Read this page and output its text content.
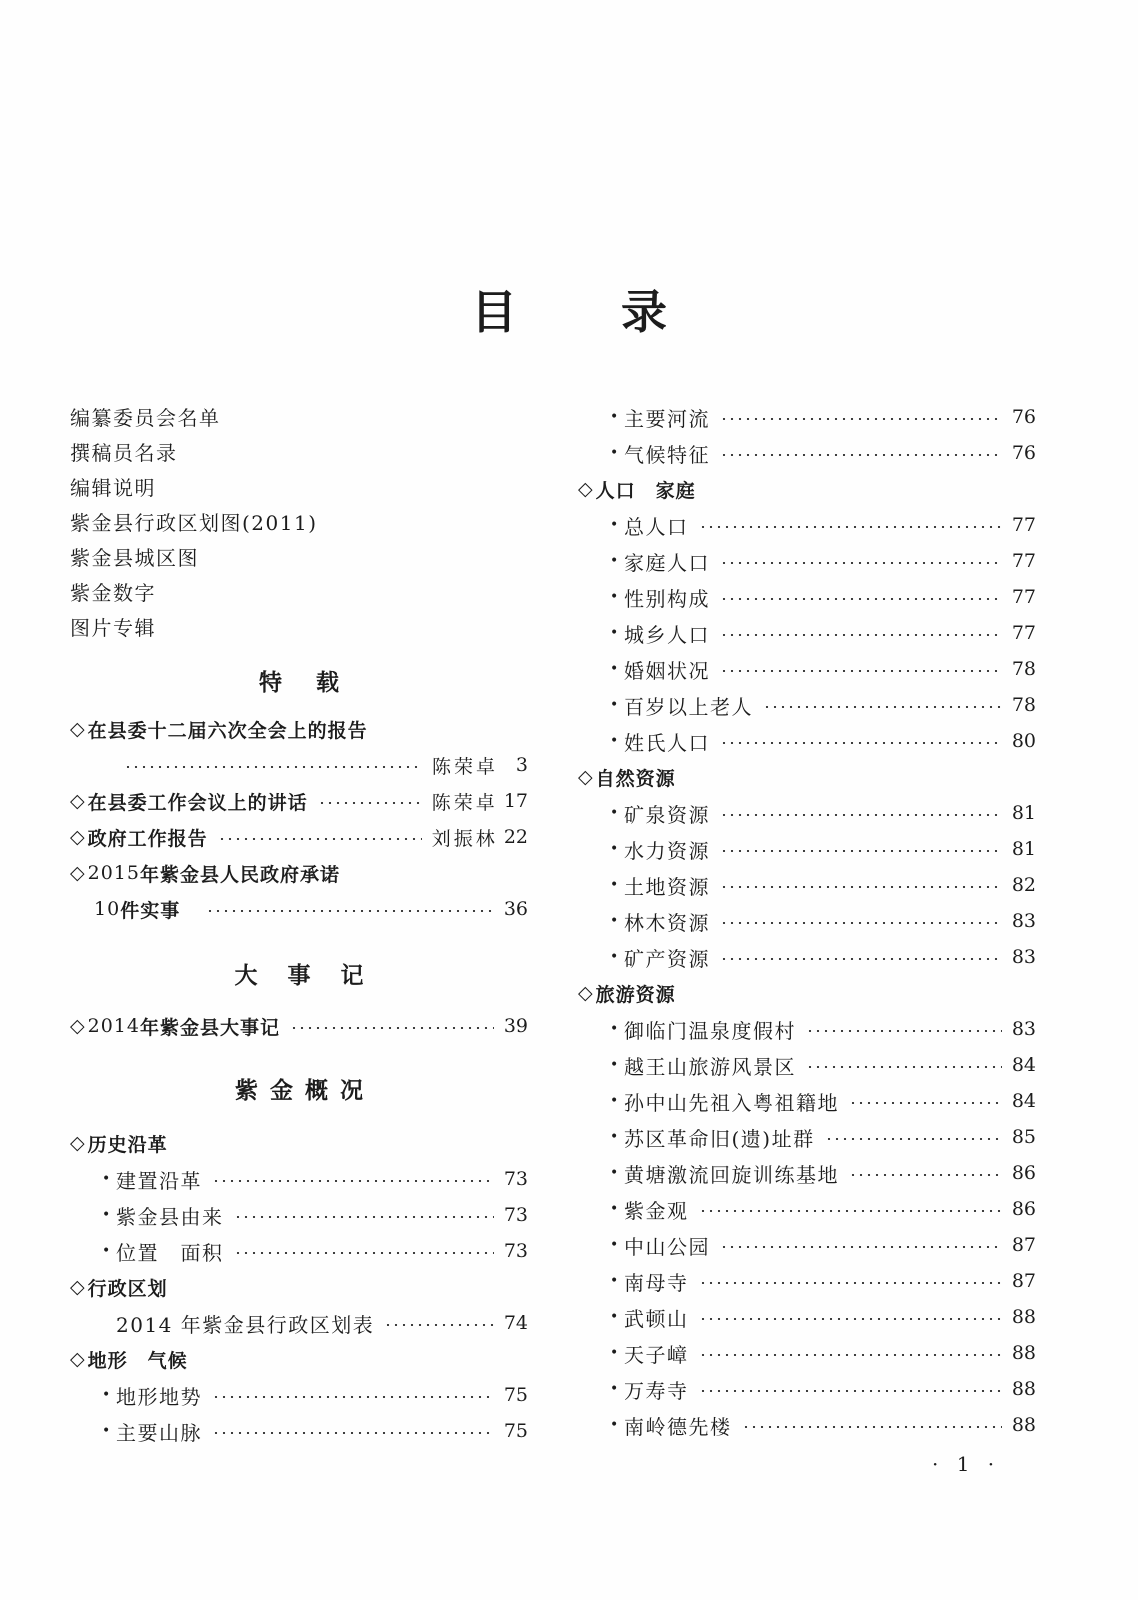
目录
编纂委员会名单
撰稿员名录
编辑说明
紫金县行政区划图(2011)
紫金县城区图
紫金数字
图片专辑
特载
◇ 在县委十二届六次全会上的报告
陈荣卓 3
◇ 在县委工作会议上的讲话	陈荣卓 17
◇ 政府工作报告	刘振林 22
◇ 2015 年紫金县人民政府承诺
10 件实事	36
大事记
◇ 2014 年紫金县大事记	39
紫金概况
◇ 历史沿革
• 建置沿革	73
• 紫金县由来	73
• 位置　面积	73
◇ 行政区划
2014 年紫金县行政区划表	74
◇ 地形　气候
• 地形地势	75
• 主要山脉	75
• 主要河流	76
• 气候特征	76
◇ 人口　家庭
• 总人口	77
• 家庭人口	77
• 性别构成	77
• 城乡人口	77
• 婚姻状况	78
• 百岁以上老人	78
• 姓氏人口	80
◇ 自然资源
• 矿泉资源	81
• 水力资源	81
• 土地资源	82
• 林木资源	83
• 矿产资源	83
◇ 旅游资源
• 御临门温泉度假村	83
• 越王山旅游风景区	84
• 孙中山先祖入粤祖籍地	84
• 苏区革命旧(遗)址群	85
• 黄塘激流回旋训练基地	86
• 紫金观	86
• 中山公园	87
• 南母寺	87
• 武顿山	88
• 天子嶂	88
• 万寿寺	88
• 南岭德先楼	88
· 1 ·
